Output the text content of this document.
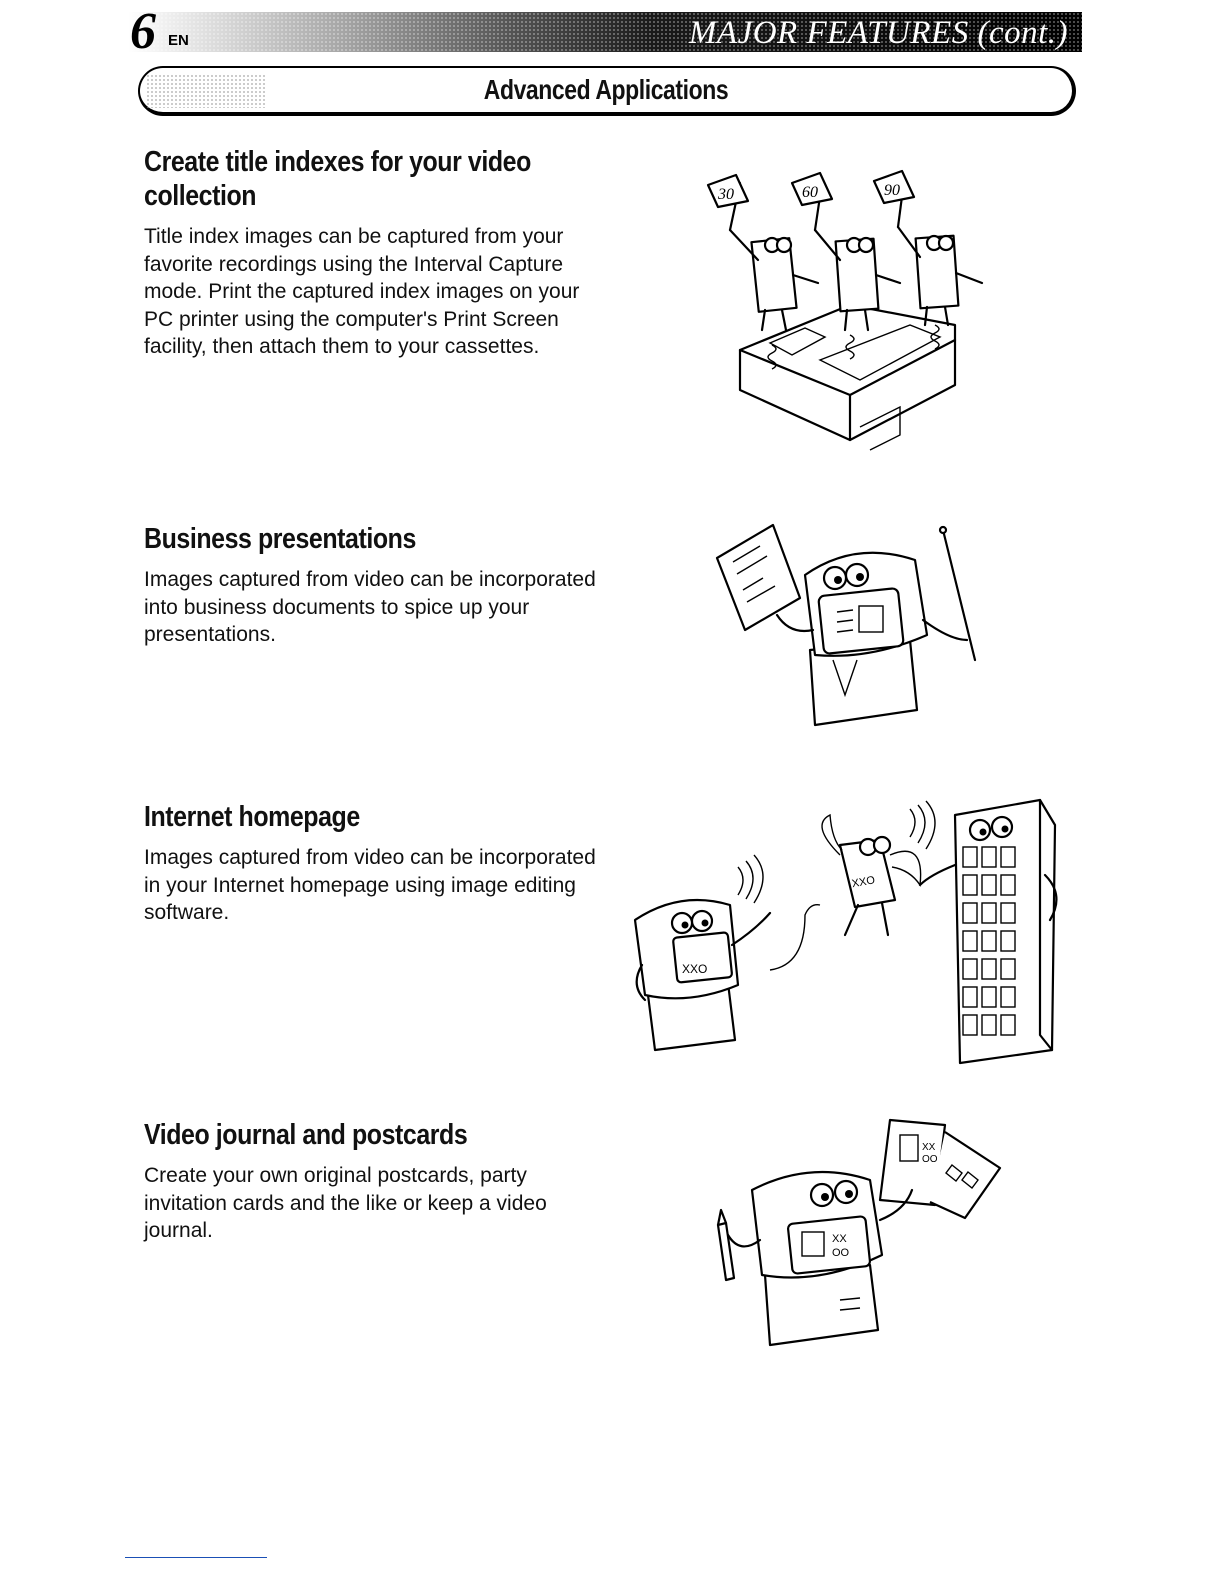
6 EN	MAJOR FEATURES (cont.)
Advanced Applications
Create title indexes for your video collection

Title index images can be captured from your favorite recordings using the Interval Capture mode. Print the captured index images on your PC printer using the computer's Print Screen facility, then attach them to your cassettes.

30	60	90
Business presentations

Images captured from video can be incorporated into business documents to spice up your presentations.

Internet homepage

Images captured from video can be incorporated in your Internet homepage using image editing software.

XXO
XXO
Video journal and postcards

Create your own original postcards, party invitation cards and the like or keep a video journal.

XX
OO
XX
OO
